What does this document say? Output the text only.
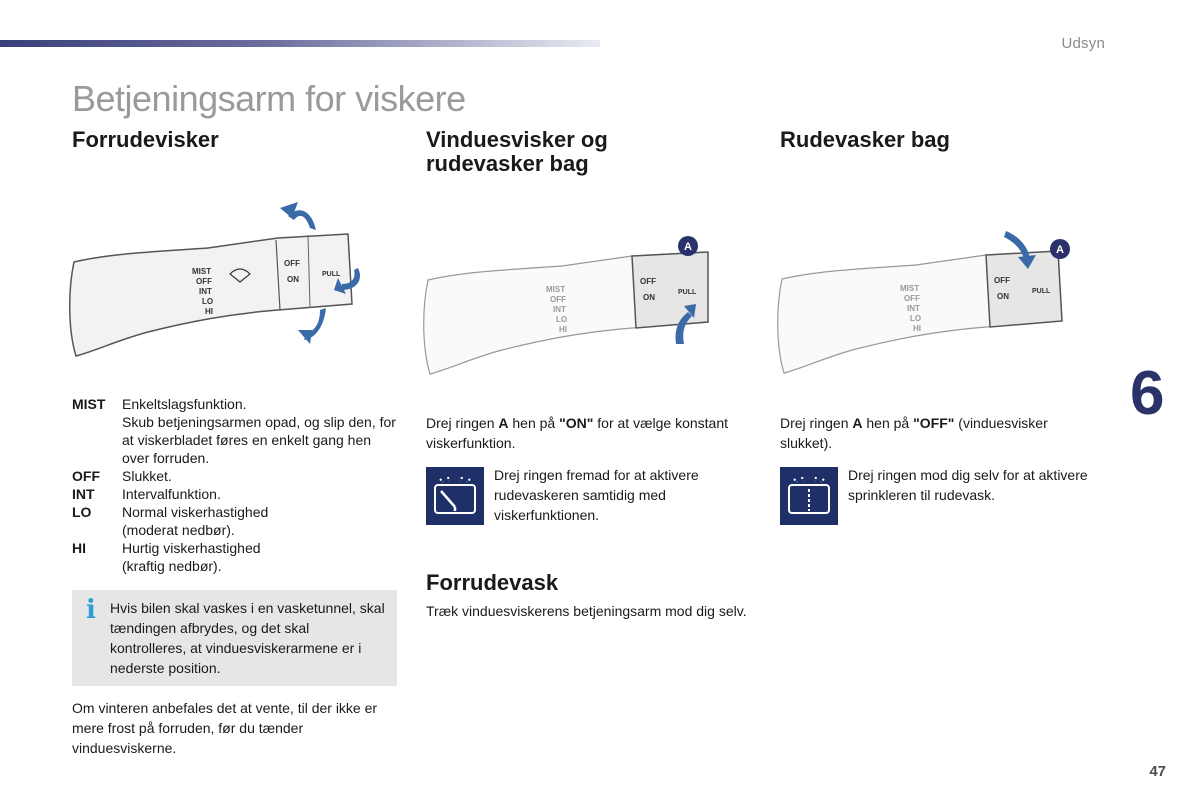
Udsyn
Betjeningsarm for viskere
Forrudevisker	Vinduesvisker og
rudevasker bag
Rudevasker bag
MIST
OFF
INT
LO
HI
OFF
ON
PULL
MIST
OFF
INT
LO
HI
OFF
ON
PULL
A
MIST
OFF
INT
LO
HI
OFF
ON
PULL
A
MIST	Enkeltslagsfunktion.
Skub betjeningsarmen opad, og slip den, for at viskerbladet føres en enkelt gang hen over forruden.
OFF	Slukket.
INT	Intervalfunktion.
LO	Normal viskerhastighed
(moderat nedbør).
HI	Hurtig viskerhastighed
(kraftig nedbør).
i Hvis bilen skal vaskes i en vasketunnel, skal tændingen afbrydes, og det skal kontrolleres, at vinduesviskerarmene er i nederste position.

Om vinteren anbefales det at vente, til der ikke er mere frost på forruden, før du tænder vinduesviskerne.

Drej ringen A hen på "ON" for at vælge konstant viskerfunktion.

Drej ringen fremad for at aktivere rudevaskeren samtidig med viskerfunktionen.

Forrudevask

Træk vinduesviskerens betjeningsarm mod dig selv.

Drej ringen A hen på "OFF" (vinduesvisker slukket).

Drej ringen mod dig selv for at aktivere sprinkleren til rudevask.

6
47
